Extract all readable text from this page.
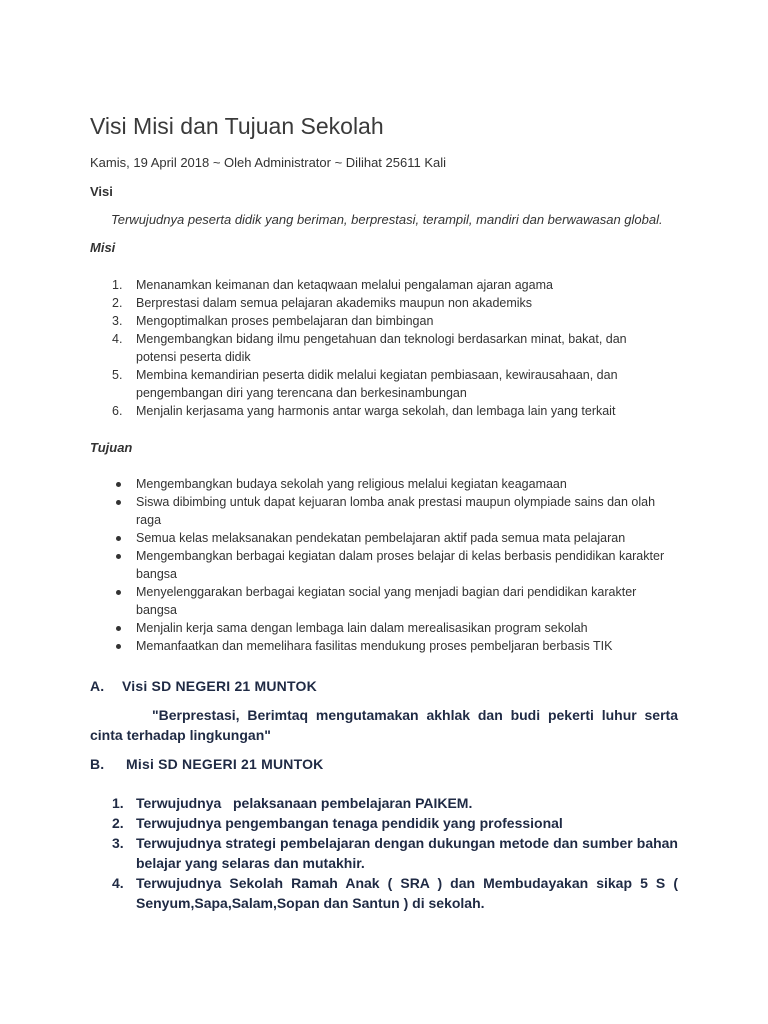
Visi Misi dan Tujuan Sekolah

Kamis, 19 April 2018 ~ Oleh Administrator ~ Dilihat 25611 Kali

Visi

Terwujudnya peserta didik yang beriman, berprestasi, terampil, mandiri dan berwawasan global.

Misi

1.	Menanamkan keimanan dan ketaqwaan melalui pengalaman ajaran agama
2.	Berprestasi dalam semua pelajaran akademiks maupun non akademiks
3.	Mengoptimalkan proses pembelajaran dan bimbingan
4.	Mengembangkan bidang ilmu pengetahuan dan teknologi berdasarkan minat, bakat, dan potensi peserta didik
5.	Membina kemandirian peserta didik melalui kegiatan pembiasaan, kewirausahaan, dan pengembangan diri yang terencana dan berkesinambungan
6.	Menjalin kerjasama yang harmonis antar warga sekolah, dan lembaga lain yang terkait

Tujuan

Mengembangkan budaya sekolah yang religious melalui kegiatan keagamaan
Siswa dibimbing untuk dapat kejuaran lomba anak prestasi maupun olympiade sains dan olah raga
Semua kelas melaksanakan pendekatan pembelajaran aktif pada semua mata pelajaran
Mengembangkan berbagai kegiatan dalam proses belajar di kelas berbasis pendidikan karakter bangsa
Menyelenggarakan berbagai kegiatan social yang menjadi bagian dari pendidikan karakter bangsa
Menjalin kerja sama dengan lembaga lain dalam merealisasikan program sekolah
Memanfaatkan dan memelihara fasilitas mendukung proses pembeljaran berbasis TIK

A. Visi SD NEGERI 21 MUNTOK

"Berprestasi, Berimtaq mengutamakan akhlak dan budi pekerti luhur serta cinta terhadap lingkungan"

B. Misi SD NEGERI 21 MUNTOK

1. Terwujudnya   pelaksanaan pembelajaran PAIKEM.
2. Terwujudnya pengembangan tenaga pendidik yang professional
3. Terwujudnya strategi pembelajaran dengan dukungan metode dan sumber bahan belajar yang selaras dan mutakhir.
4. Terwujudnya Sekolah Ramah Anak ( SRA ) dan Membudayakan sikap 5 S ( Senyum,Sapa,Salam,Sopan dan Santun ) di sekolah.
